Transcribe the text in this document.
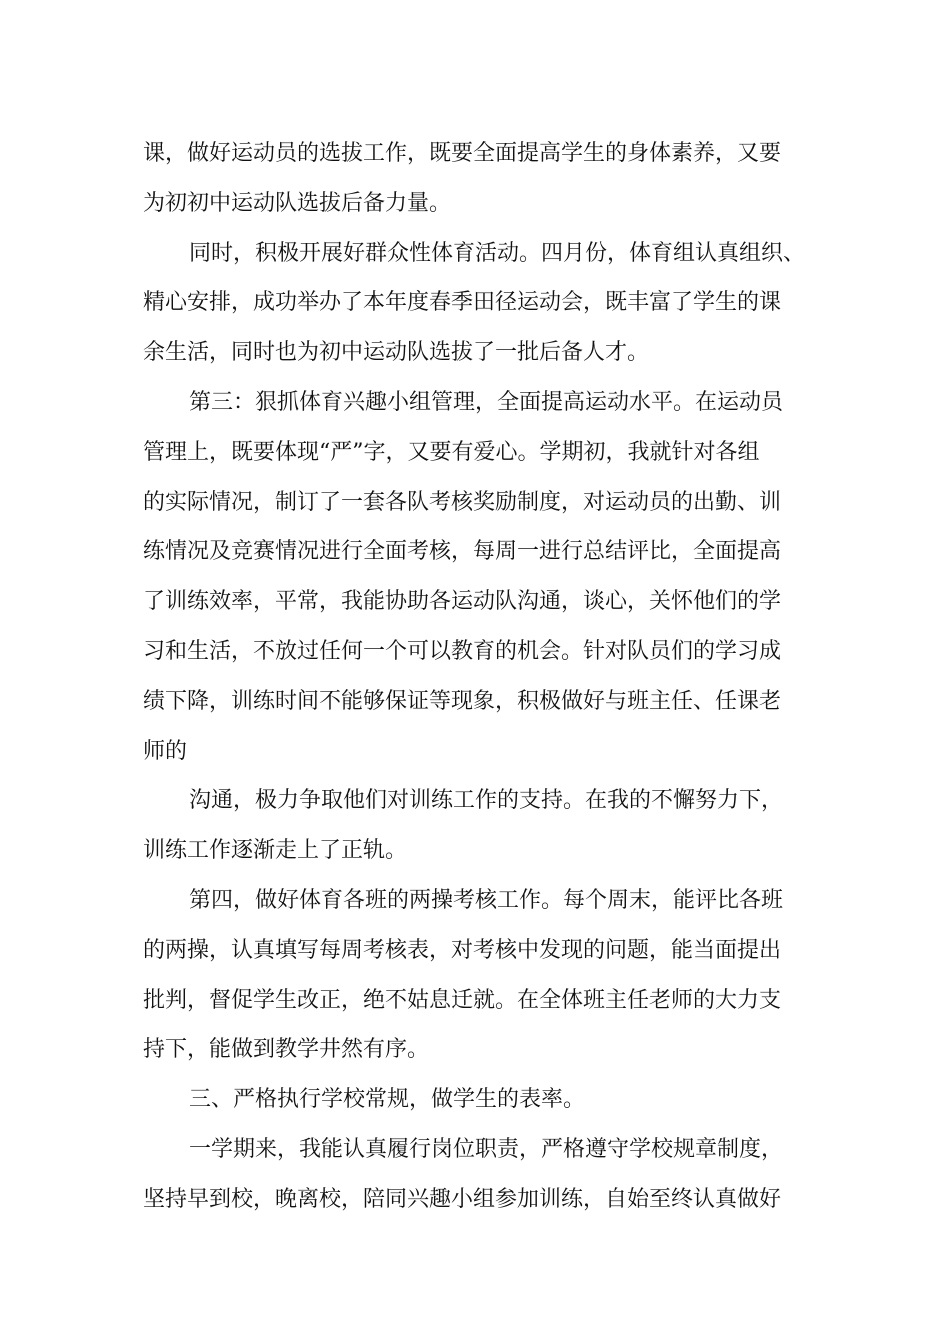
课，做好运动员的选拔工作，既要全面提高学生的身体素养，又要
为初初中运动队选拔后备力量。
同时，积极开展好群众性体育活动。四月份，体育组认真组织、
精心安排，成功举办了本年度春季田径运动会，既丰富了学生的课
余生活，同时也为初中运动队选拔了一批后备人才。
第三：狠抓体育兴趣小组管理，全面提高运动水平。在运动员
管理上，既要体现“严”字，又要有爱心。学期初，我就针对各组
的实际情况，制订了一套各队考核奖励制度，对运动员的出勤、训
练情况及竞赛情况进行全面考核，每周一进行总结评比，全面提高
了训练效率，平常，我能协助各运动队沟通，谈心，关怀他们的学
习和生活，不放过任何一个可以教育的机会。针对队员们的学习成
绩下降，训练时间不能够保证等现象，积极做好与班主任、任课老
师的
沟通，极力争取他们对训练工作的支持。在我的不懈努力下，
训练工作逐渐走上了正轨。
第四，做好体育各班的两操考核工作。每个周末，能评比各班
的两操，认真填写每周考核表，对考核中发现的问题，能当面提出
批判，督促学生改正，绝不姑息迁就。在全体班主任老师的大力支
持下，能做到教学井然有序。
三、严格执行学校常规，做学生的表率。
一学期来，我能认真履行岗位职责，严格遵守学校规章制度，
坚持早到校，晚离校，陪同兴趣小组参加训练，自始至终认真做好
